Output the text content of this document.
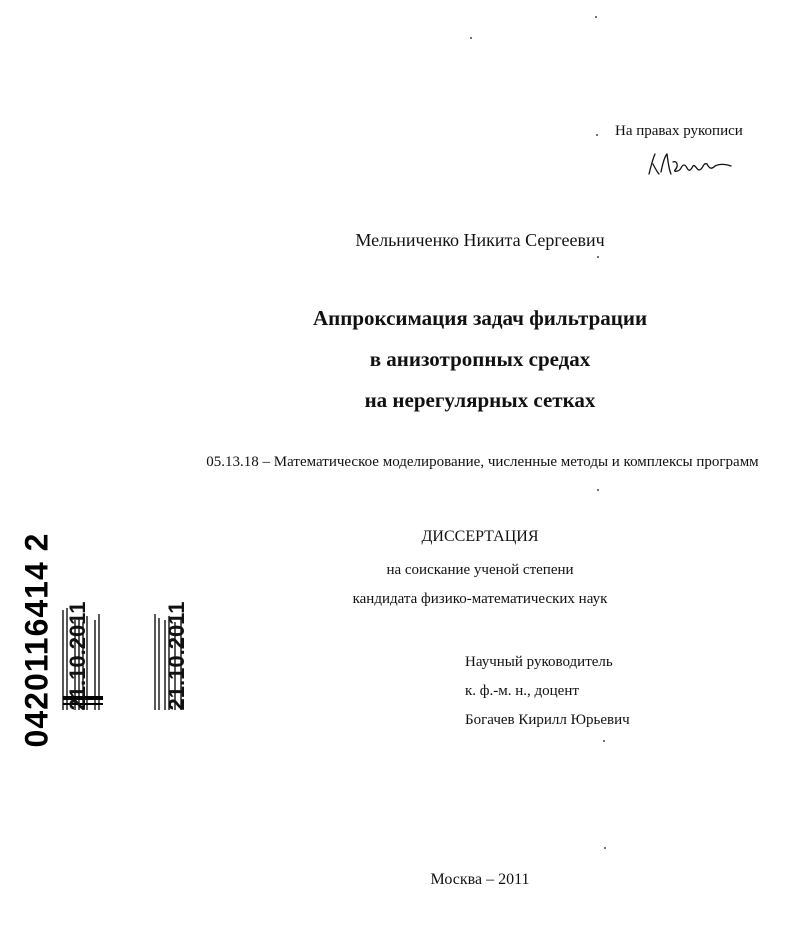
На правах рукописи
Мельниченко Никита Сергеевич
Аппроксимация задач фильтрации
в анизотропных средах
на нерегулярных сетках
05.13.18 – Математическое моделирование, численные методы и комплексы программ
ДИССЕРТАЦИЯ
на соискание ученой степени
кандидата физико-математических наук
Научный руководитель
к. ф.-м. н., доцент
Богачев Кирилл Юрьевич
Москва – 2011
0420116414 2 21.10.2011	21.10.2011
